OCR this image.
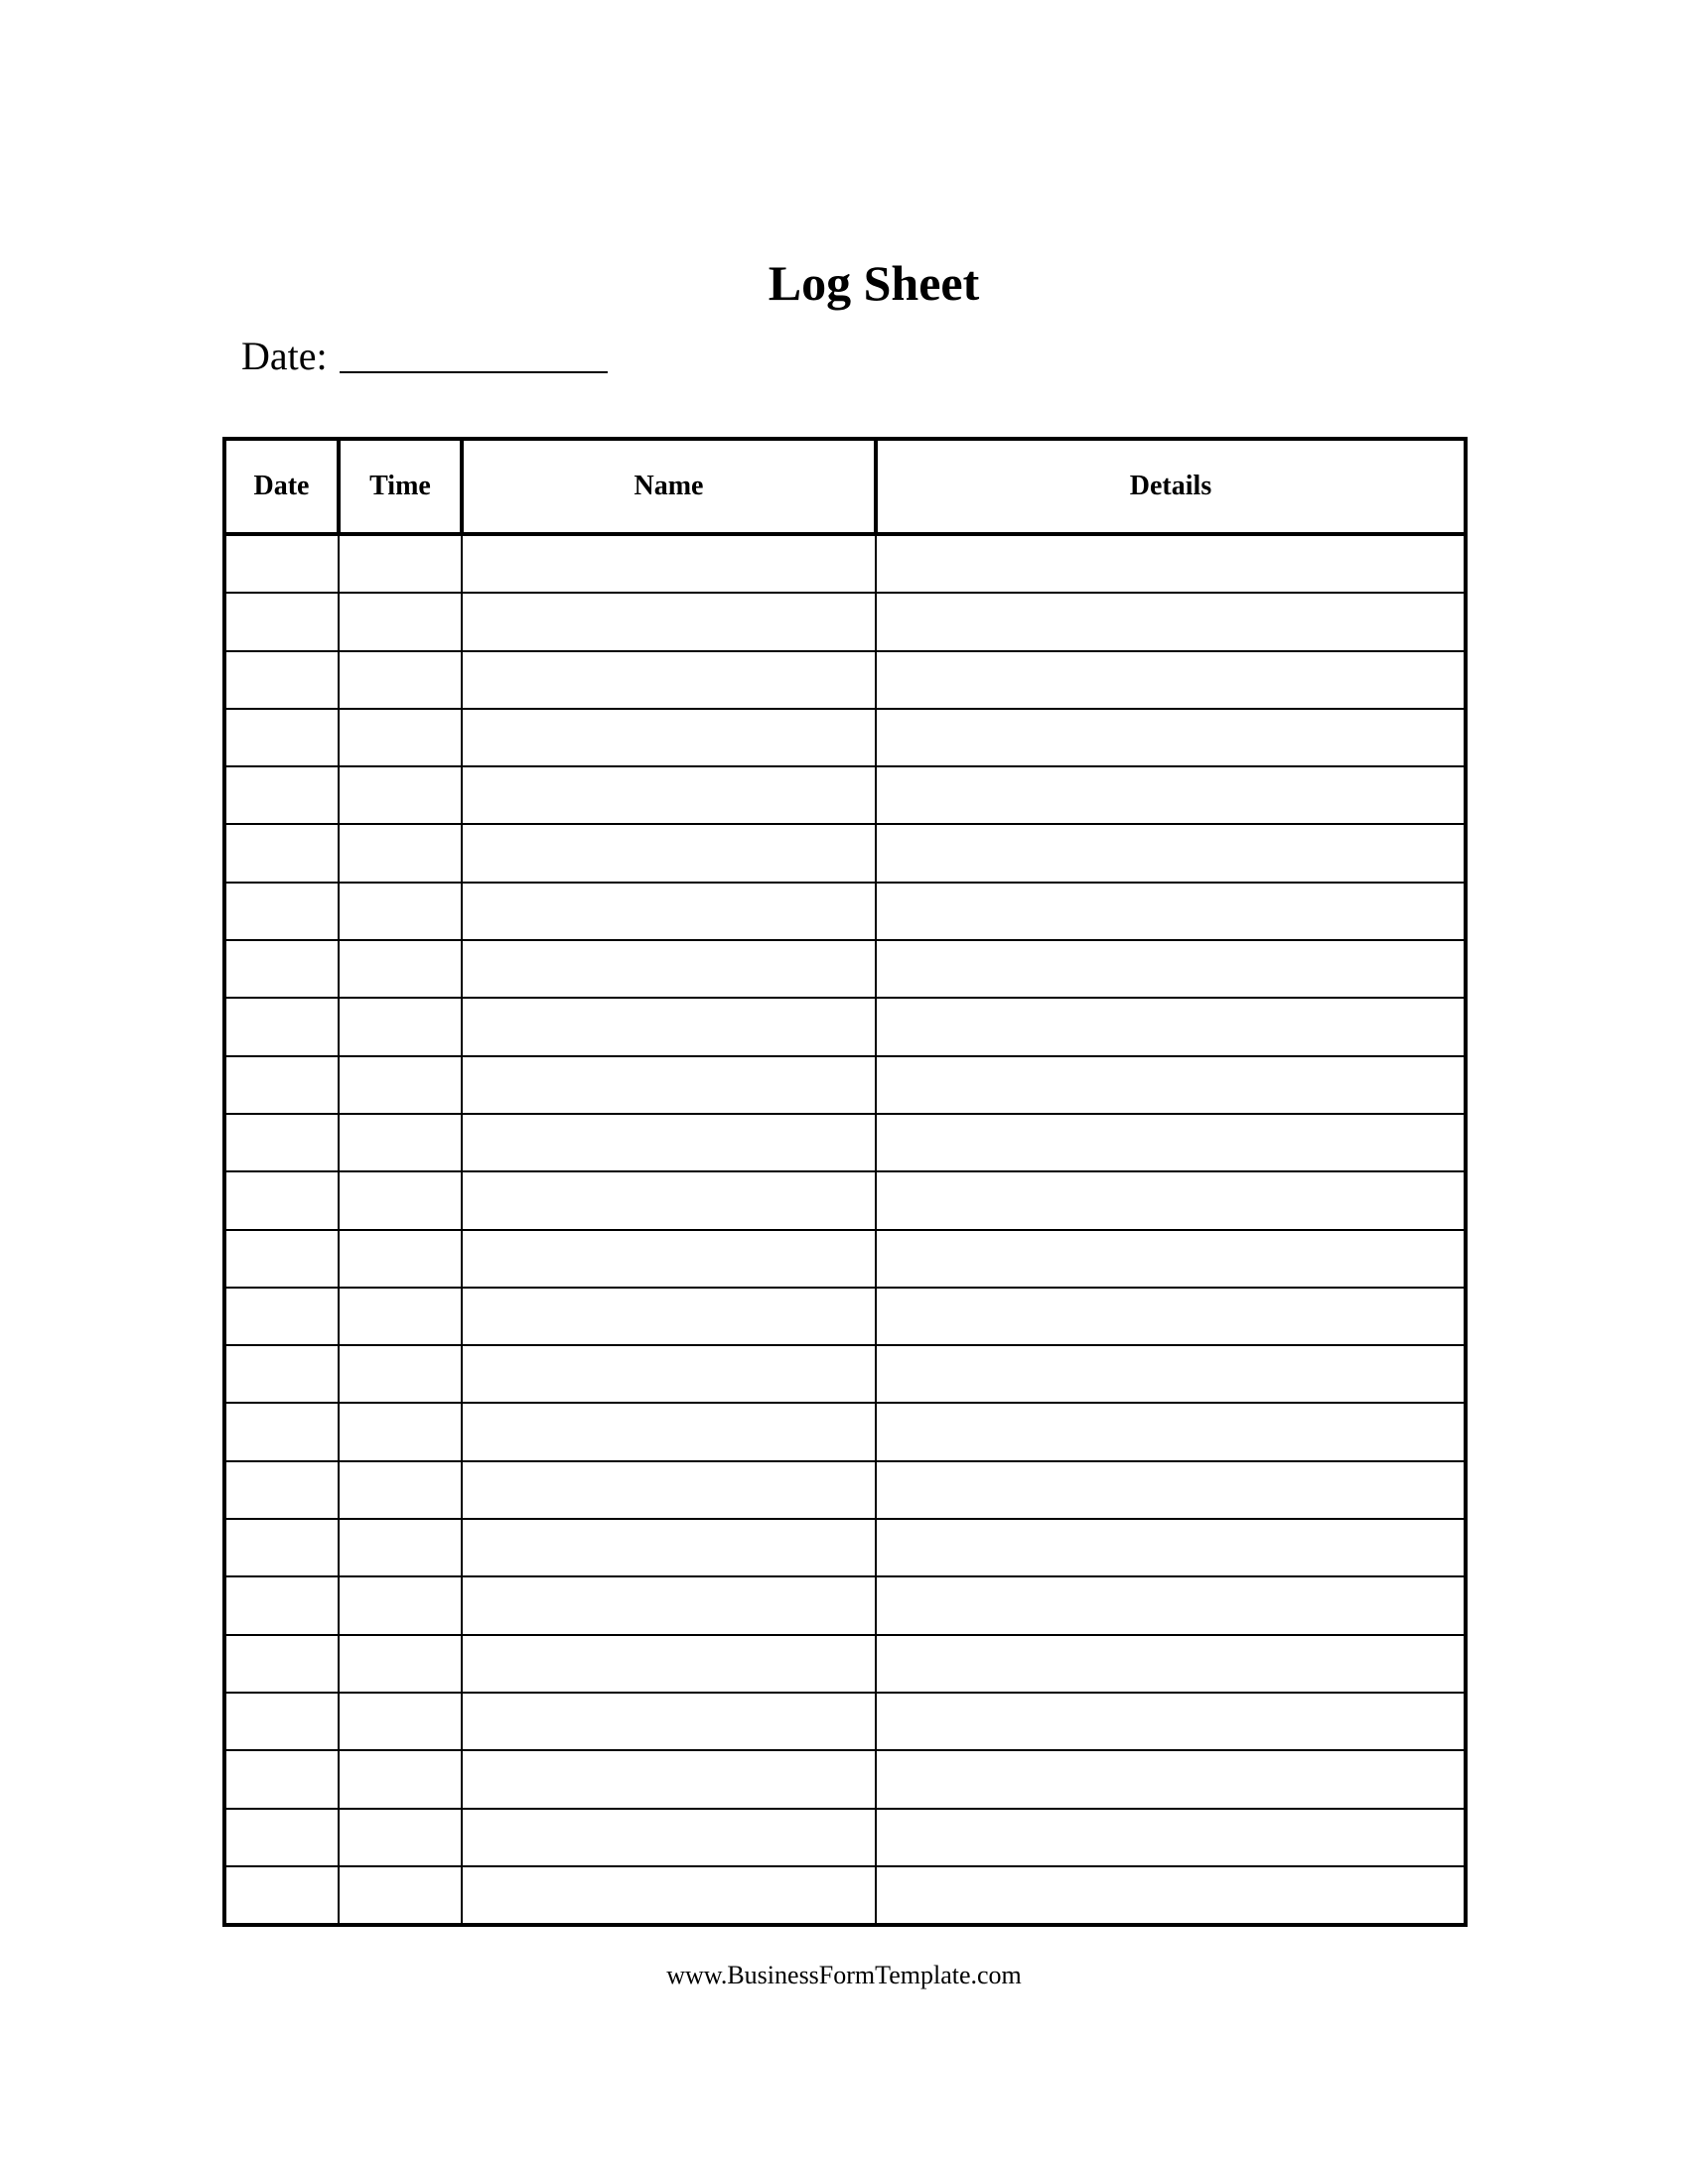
Log Sheet
Date:
Date	Time	Name	Details

www.BusinessFormTemplate.com
